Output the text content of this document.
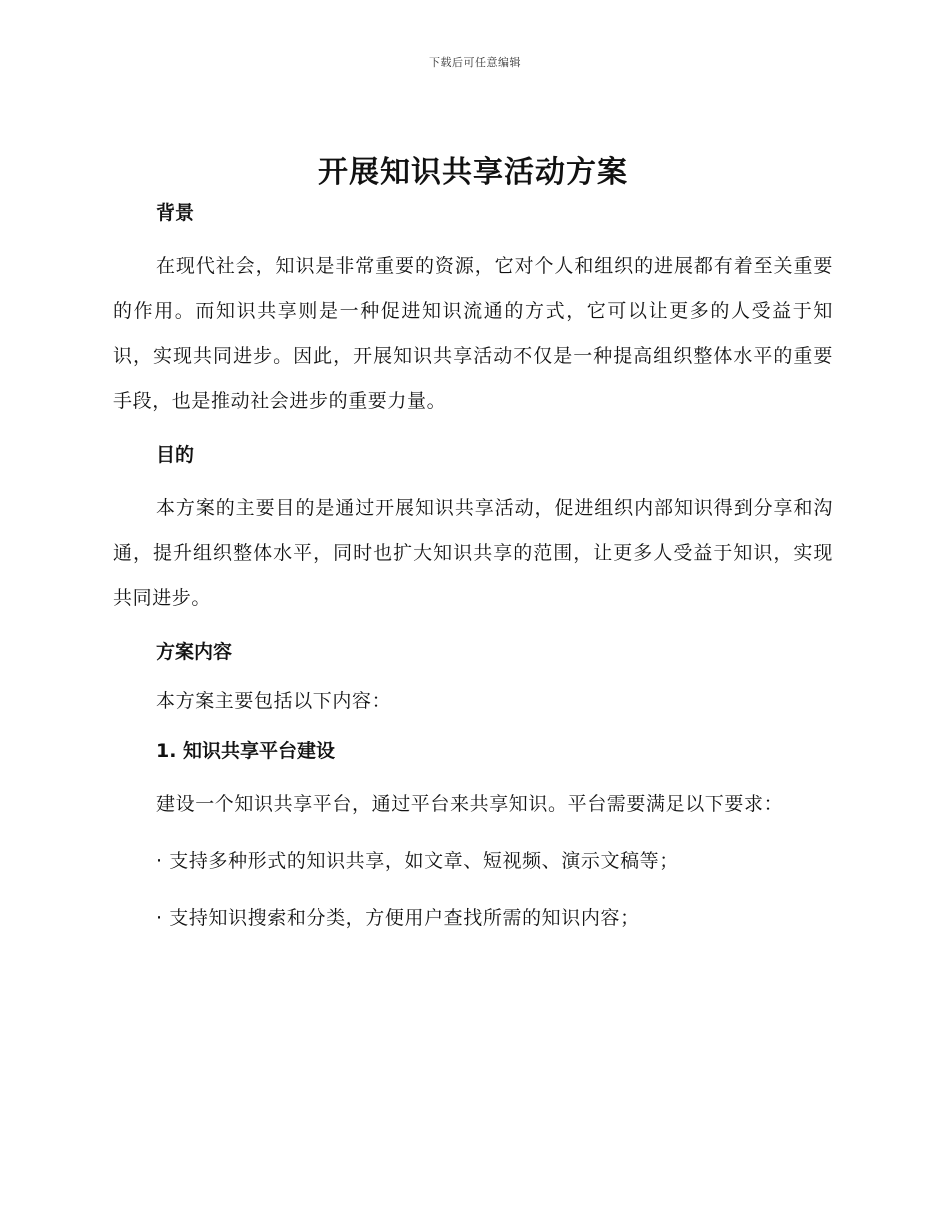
下载后可任意编辑
开展知识共享活动方案
背景

在现代社会，知识是非常重要的资源，它对个人和组织的进展都有着至关重要的作用。而知识共享则是一种促进知识流通的方式，它可以让更多的人受益于知识，实现共同进步。因此，开展知识共享活动不仅是一种提高组织整体水平的重要手段，也是推动社会进步的重要力量。

目的

本方案的主要目的是通过开展知识共享活动，促进组织内部知识得到分享和沟通，提升组织整体水平，同时也扩大知识共享的范围，让更多人受益于知识，实现共同进步。

方案内容

本方案主要包括以下内容：

1. 知识共享平台建设

建设一个知识共享平台，通过平台来共享知识。平台需要满足以下要求：

· 支持多种形式的知识共享，如文章、短视频、演示文稿等；

· 支持知识搜索和分类，方便用户查找所需的知识内容；
